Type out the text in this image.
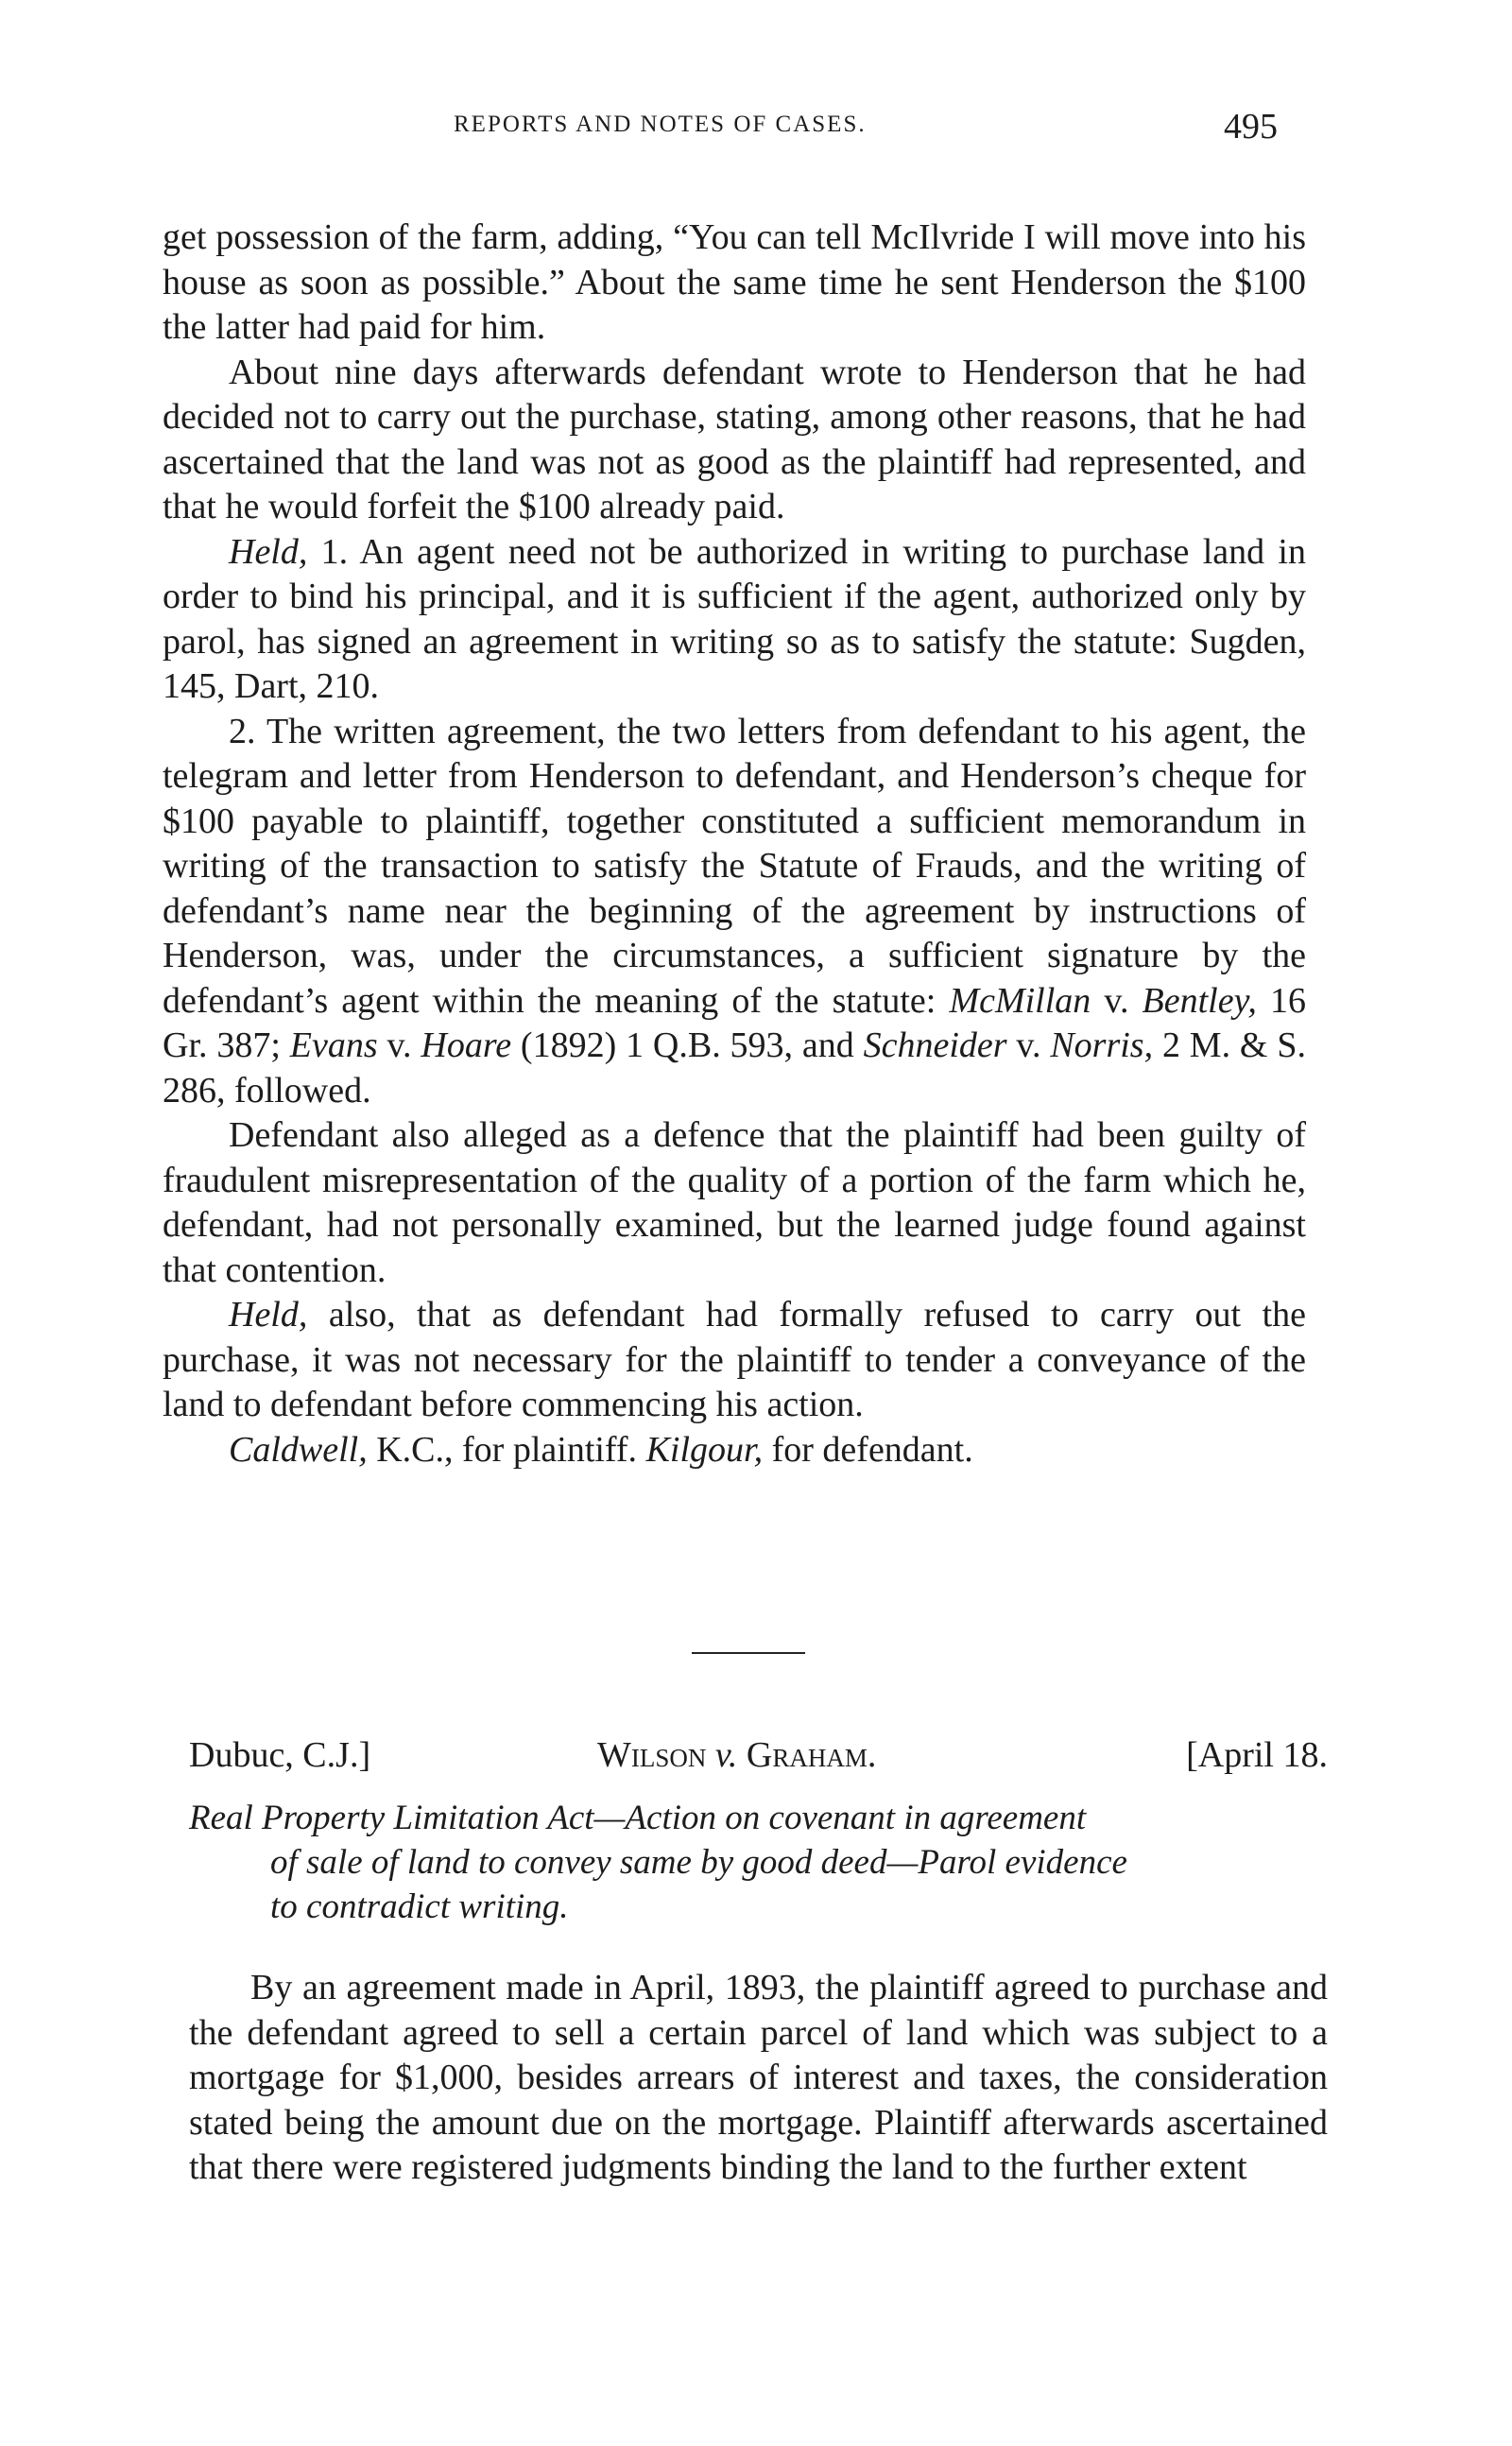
REPORTS AND NOTES OF CASES.	495

get possession of the farm, adding, “You can tell McIlvride I will move into his house as soon as possible.” About the same time he sent Henderson the $100 the latter had paid for him.

About nine days afterwards defendant wrote to Henderson that he had decided not to carry out the purchase, stating, among other reasons, that he had ascertained that the land was not as good as the plaintiff had represented, and that he would forfeit the $100 already paid.

Held, 1. An agent need not be authorized in writing to purchase land in order to bind his principal, and it is sufficient if the agent, authorized only by parol, has signed an agreement in writing so as to satisfy the statute: Sugden, 145, Dart, 210.

2. The written agreement, the two letters from defendant to his agent, the telegram and letter from Henderson to defendant, and Henderson’s cheque for $100 payable to plaintiff, together constituted a sufficient memorandum in writing of the transaction to satisfy the Statute of Frauds, and the writing of defendant’s name near the beginning of the agreement by instructions of Henderson, was, under the circumstances, a sufficient signature by the defendant’s agent within the meaning of the statute: McMillan v. Bentley, 16 Gr. 387; Evans v. Hoare (1892) 1 Q.B. 593, and Schneider v. Norris, 2 M. & S. 286, followed.

Defendant also alleged as a defence that the plaintiff had been guilty of fraudulent misrepresentation of the quality of a portion of the farm which he, defendant, had not personally examined, but the learned judge found against that contention.

Held, also, that as defendant had formally refused to carry out the purchase, it was not necessary for the plaintiff to tender a conveyance of the land to defendant before commencing his action.

Caldwell, K.C., for plaintiff. Kilgour, for defendant.

Dubuc, C.J.]	Wilson v. Graham.	[April 18.
Real Property Limitation Act—Action on covenant in agreement
of sale of land to convey same by good deed—Parol evidence
to contradict writing.

By an agreement made in April, 1893, the plaintiff agreed to purchase and the defendant agreed to sell a certain parcel of land which was subject to a mortgage for $1,000, besides arrears of interest and taxes, the consideration stated being the amount due on the mortgage. Plaintiff afterwards ascertained that there were registered judgments binding the land to the further extent
